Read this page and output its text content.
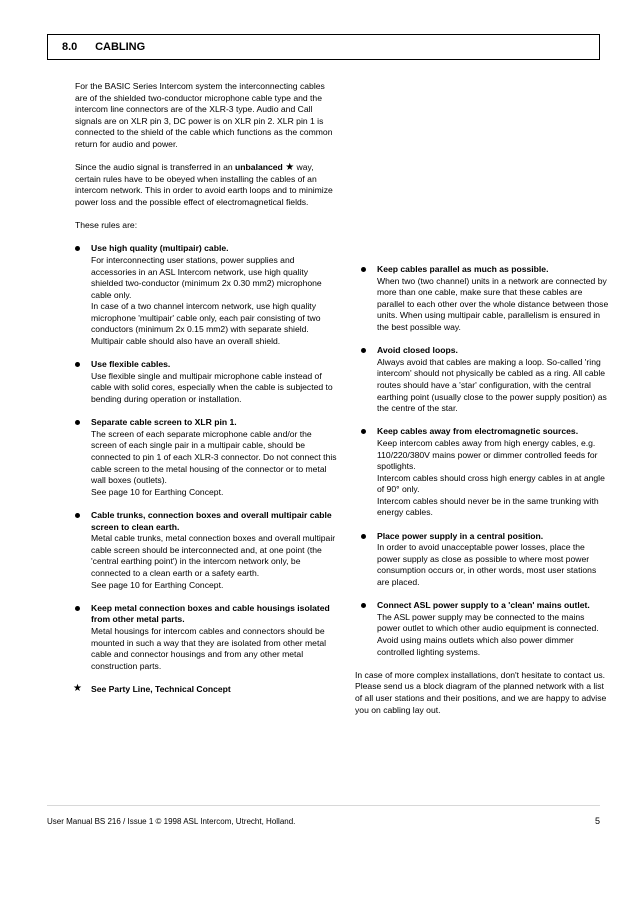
8.0 CABLING

For the BASIC Series Intercom system the interconnecting cables are of the shielded two-conductor microphone cable type and the intercom line connectors are of the XLR-3 type. Audio and Call signals are on XLR pin 3, DC power is on XLR pin 2. XLR pin 1 is connected to the shield of the cable which functions as the common return for audio and power.

Since the audio signal is transferred in an unbalanced ★ way, certain rules have to be obeyed when installing the cables of an intercom network. This in order to avoid earth loops and to minimize power loss and the possible effect of electromagnetical fields.

These rules are:

Use high quality (multipair) cable.

For interconnecting user stations, power supplies and accessories in an ASL Intercom network, use high quality shielded two-conductor (minimum 2x 0.30 mm2) microphone cable only.

In case of a two channel intercom network, use high quality microphone 'multipair' cable only, each pair consisting of two conductors (minimum 2x 0.15 mm2) with separate shield. Multipair cable should also have an overall shield.

Use flexible cables.

Use flexible single and multipair microphone cable instead of cable with solid cores, especially when the cable is subjected to bending during operation or installation.

Separate cable screen to XLR pin 1.

The screen of each separate microphone cable and/or the screen of each single pair in a multipair cable, should be connected to pin 1 of each XLR-3 connector. Do not connect this cable screen to the metal housing of the connector or to metal wall boxes (outlets).

See page 10 for Earthing Concept.

Cable trunks, connection boxes and overall multipair cable screen to clean earth.

Metal cable trunks, metal connection boxes and overall multipair cable screen should be interconnected and, at one point (the 'central earthing point') in the intercom network only, be connected to a clean earth or a safety earth.

See page 10 for Earthing Concept.

Keep metal connection boxes and cable housings isolated from other metal parts.

Metal housings for intercom cables and connectors should be mounted in such a way that they are isolated from other metal cable and connector housings and from any other metal construction parts.

★ See Party Line, Technical Concept

Keep cables parallel as much as possible.

When two (two channel) units in a network are connected by more than one cable, make sure that these cables are parallel to each other over the whole distance between those units. When using multipair cable, parallelism is ensured in the best possible way.

Avoid closed loops.

Always avoid that cables are making a loop. So-called 'ring intercom' should not physically be cabled as a ring. All cable routes should have a 'star' configuration, with the central earthing point (usually close to the power supply position) as the centre of the star.

Keep cables away from electromagnetic sources.

Keep intercom cables away from high energy cables, e.g. 110/220/380V mains power or dimmer controlled feeds for spotlights.

Intercom cables should cross high energy cables in at angle of 90° only.

Intercom cables should never be in the same trunking with energy cables.

Place power supply in a central position.

In order to avoid unacceptable power losses, place the power supply as close as possible to where most power consumption occurs or, in other words, most user stations are placed.

Connect ASL power supply to a 'clean' mains outlet.

The ASL power supply may be connected to the mains power outlet to which other audio equipment is connected. Avoid using mains outlets which also power dimmer controlled lighting systems.

In case of more complex installations, don't hesitate to contact us. Please send us a block diagram of the planned network with a list of all user stations and their positions, and we are happy to advise you on cabling lay out.

User Manual BS 216 / Issue 1 © 1998 ASL Intercom, Utrecht, Holland.	5
